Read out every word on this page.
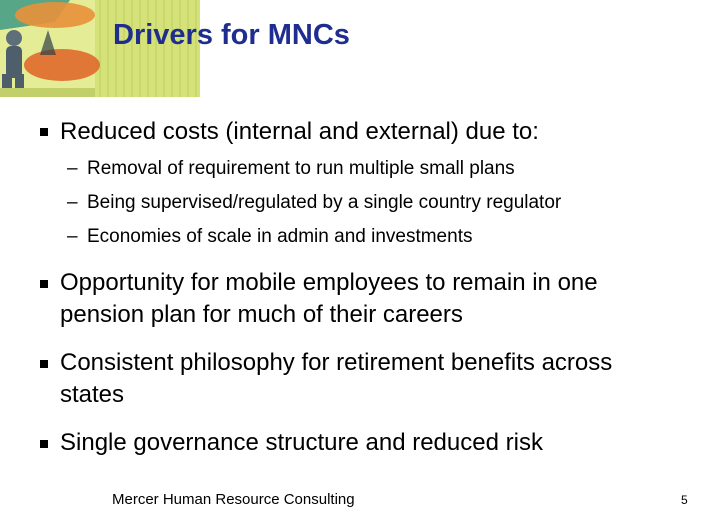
Drivers for MNCs
Reduced costs (internal and external) due to:
– Removal of requirement to run multiple small plans
– Being supervised/regulated by a single country regulator
– Economies of scale in admin and investments
Opportunity for mobile employees to remain in one
pension plan for much of their careers
Consistent philosophy for retirement benefits across
states
Single governance structure and reduced risk
Mercer Human Resource Consulting	5
